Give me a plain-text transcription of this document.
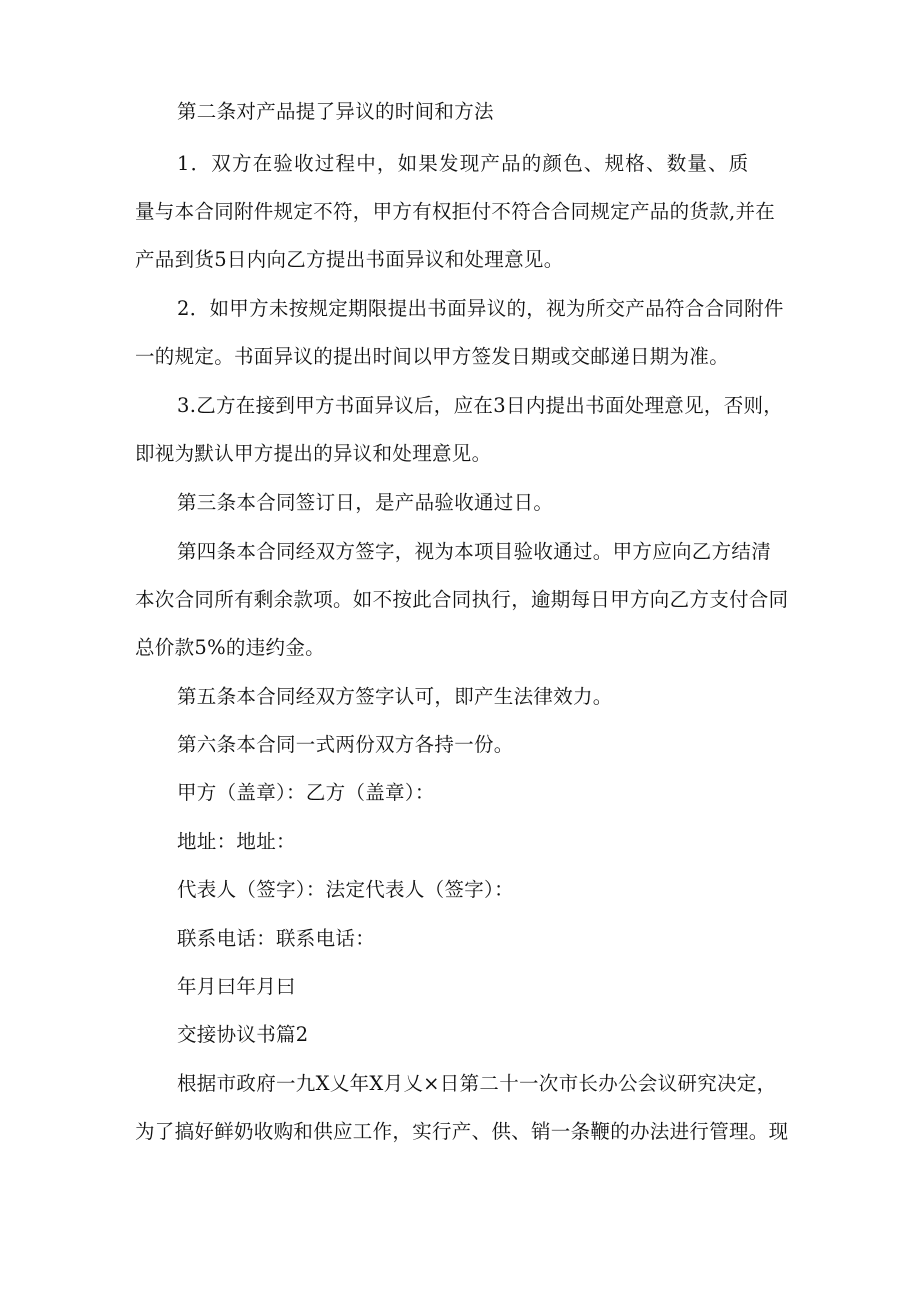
第二条对产品提了异议的时间和方法

1．双方在验收过程中，如果发现产品的颜色、规格、数量、质

量与本合同附件规定不符，甲方有权拒付不符合合同规定产品的货款,并在

产品到货5日内向乙方提出书面异议和处理意见。

2．如甲方未按规定期限提出书面异议的，视为所交产品符合合同附件

一的规定。书面异议的提出时间以甲方签发日期或交邮递日期为准。

3.乙方在接到甲方书面异议后，应在3日内提出书面处理意见，否则，

即视为默认甲方提出的异议和处理意见。

第三条本合同签订日，是产品验收通过日。

第四条本合同经双方签字，视为本项目验收通过。甲方应向乙方结清

本次合同所有剩余款项。如不按此合同执行，逾期每日甲方向乙方支付合同

总价款5%的违约金。

第五条本合同经双方签字认可，即产生法律效力。

第六条本合同一式两份双方各持一份。

甲方（盖章）：乙方（盖章）：

地址：地址：

代表人（签字）：法定代表人（签字）：

联系电话：联系电话：

年月曰年月曰

交接协议书篇2

根据市政府一九X乂年X月乂×日第二十一次市长办公会议研究决定，

为了搞好鲜奶收购和供应工作，实行产、供、销一条鞭的办法进行管理。现
